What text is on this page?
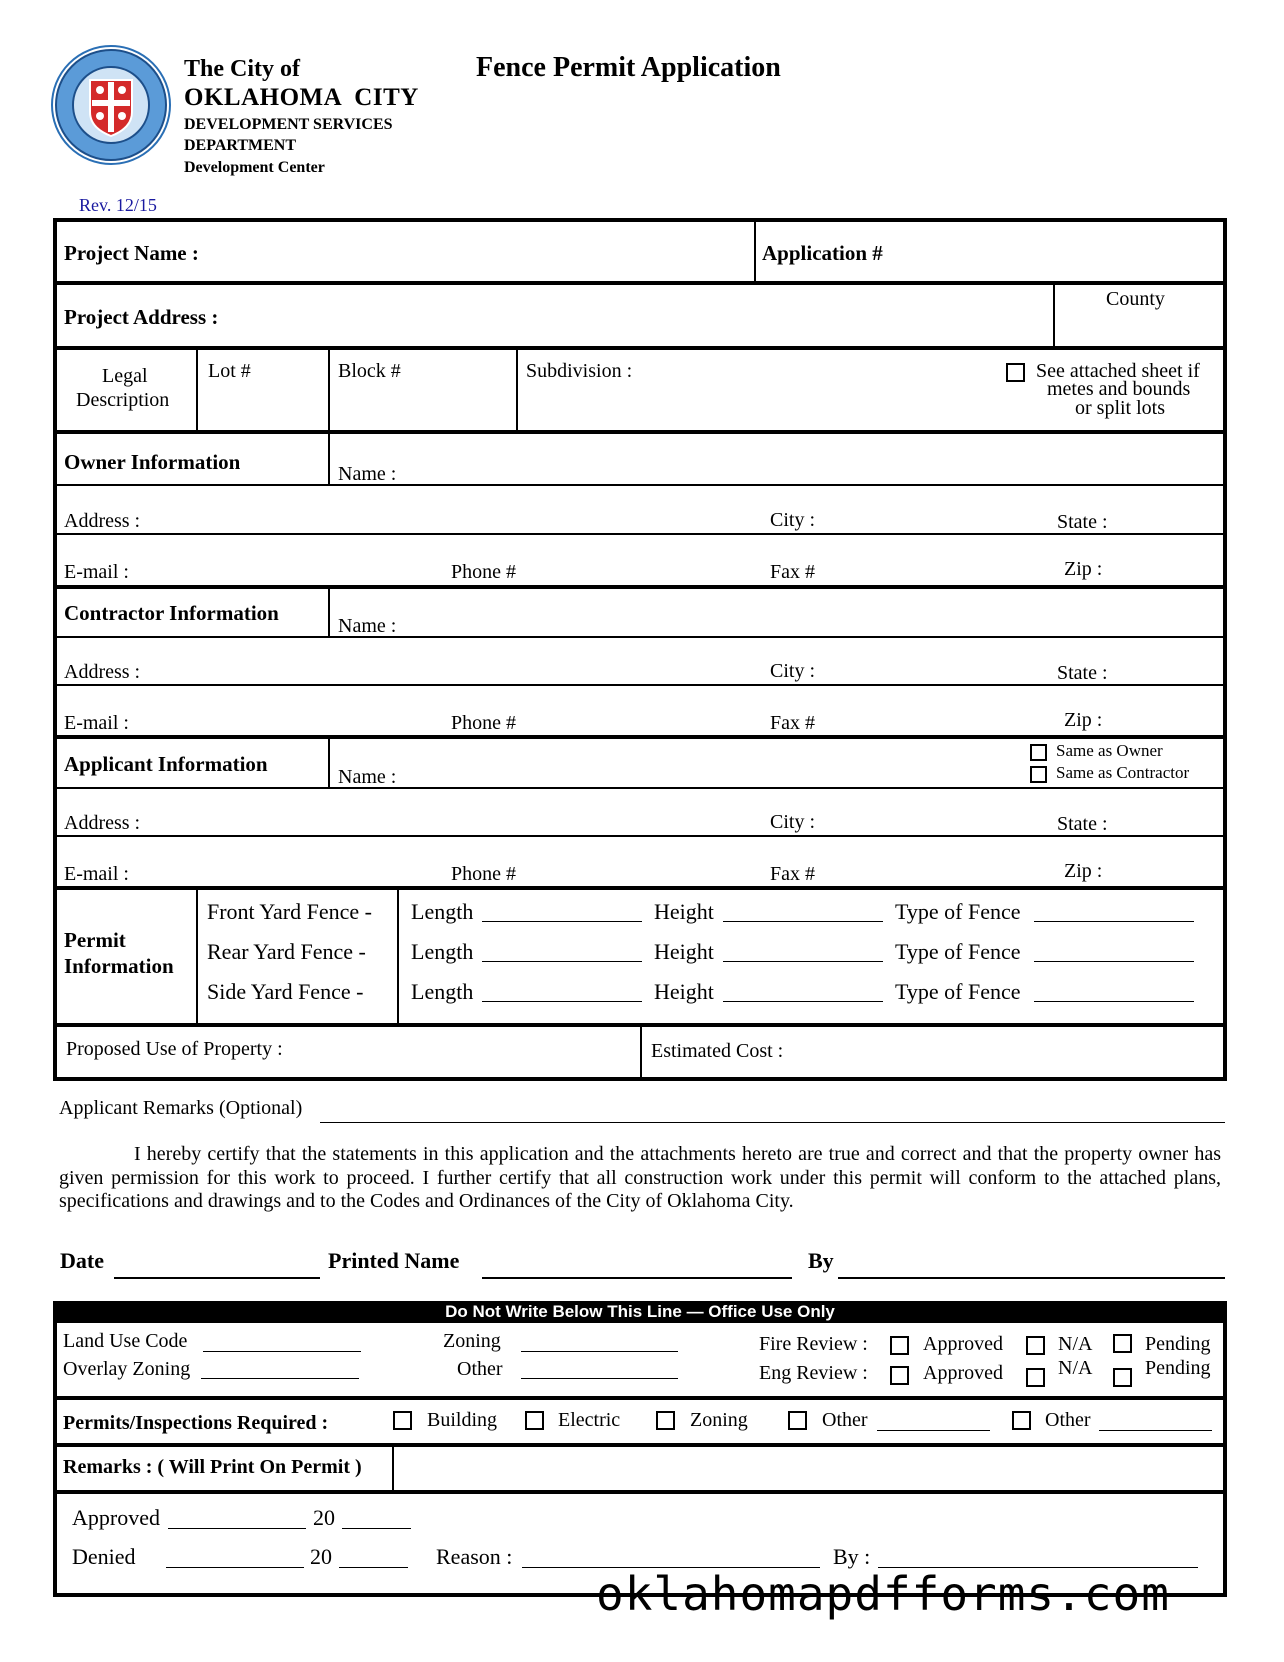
The City of
OKLAHOMA  CITY
DEVELOPMENT SERVICES
DEPARTMENT
Development Center
Fence Permit Application
Rev. 12/15
Project Name :	Application #
Project Address :
County
Legal
Description
Lot #	Block #	Subdivision :	See attached sheet if
metes and bounds
or split lots
Owner Information	Name :
Address :	City :	State :
E-mail :	Phone #	Fax #	Zip :
Contractor Information
Name :
Address :	City :	State :
E-mail :	Phone #	Fax #	Zip :
Applicant Information
Name :
Same as Owner
Same as Contractor
Address :	City :	State :
E-mail :	Phone #	Fax #	Zip :
Permit
Information
Front Yard Fence - Length	Height	Type of Fence
Rear Yard Fence - Length	Height	Type of Fence
Side Yard Fence - Length	Height	Type of Fence
Proposed Use of Property :	Estimated Cost :
Applicant Remarks (Optional)
I hereby certify that the statements in this application and the attachments hereto are true and correct and that the property owner has given permission for this work to proceed. I further certify that all construction work under this permit will conform to the attached plans, specifications and drawings and to the Codes and Ordinances of the City of Oklahoma City.
Date	Printed Name	By
Do Not Write Below This Line — Office Use Only
Land Use Code
Overlay Zoning
Zoning
Other
Fire Review :	Approved	N/A	Pending
Eng Review :	Approved	N/A	Pending
Permits/Inspections Required :	Building	Electric	Zoning	Other	Other
Remarks : ( Will Print On Permit )
Approved	20
Denied	20	Reason :	By :
oklahomapdfforms.com
